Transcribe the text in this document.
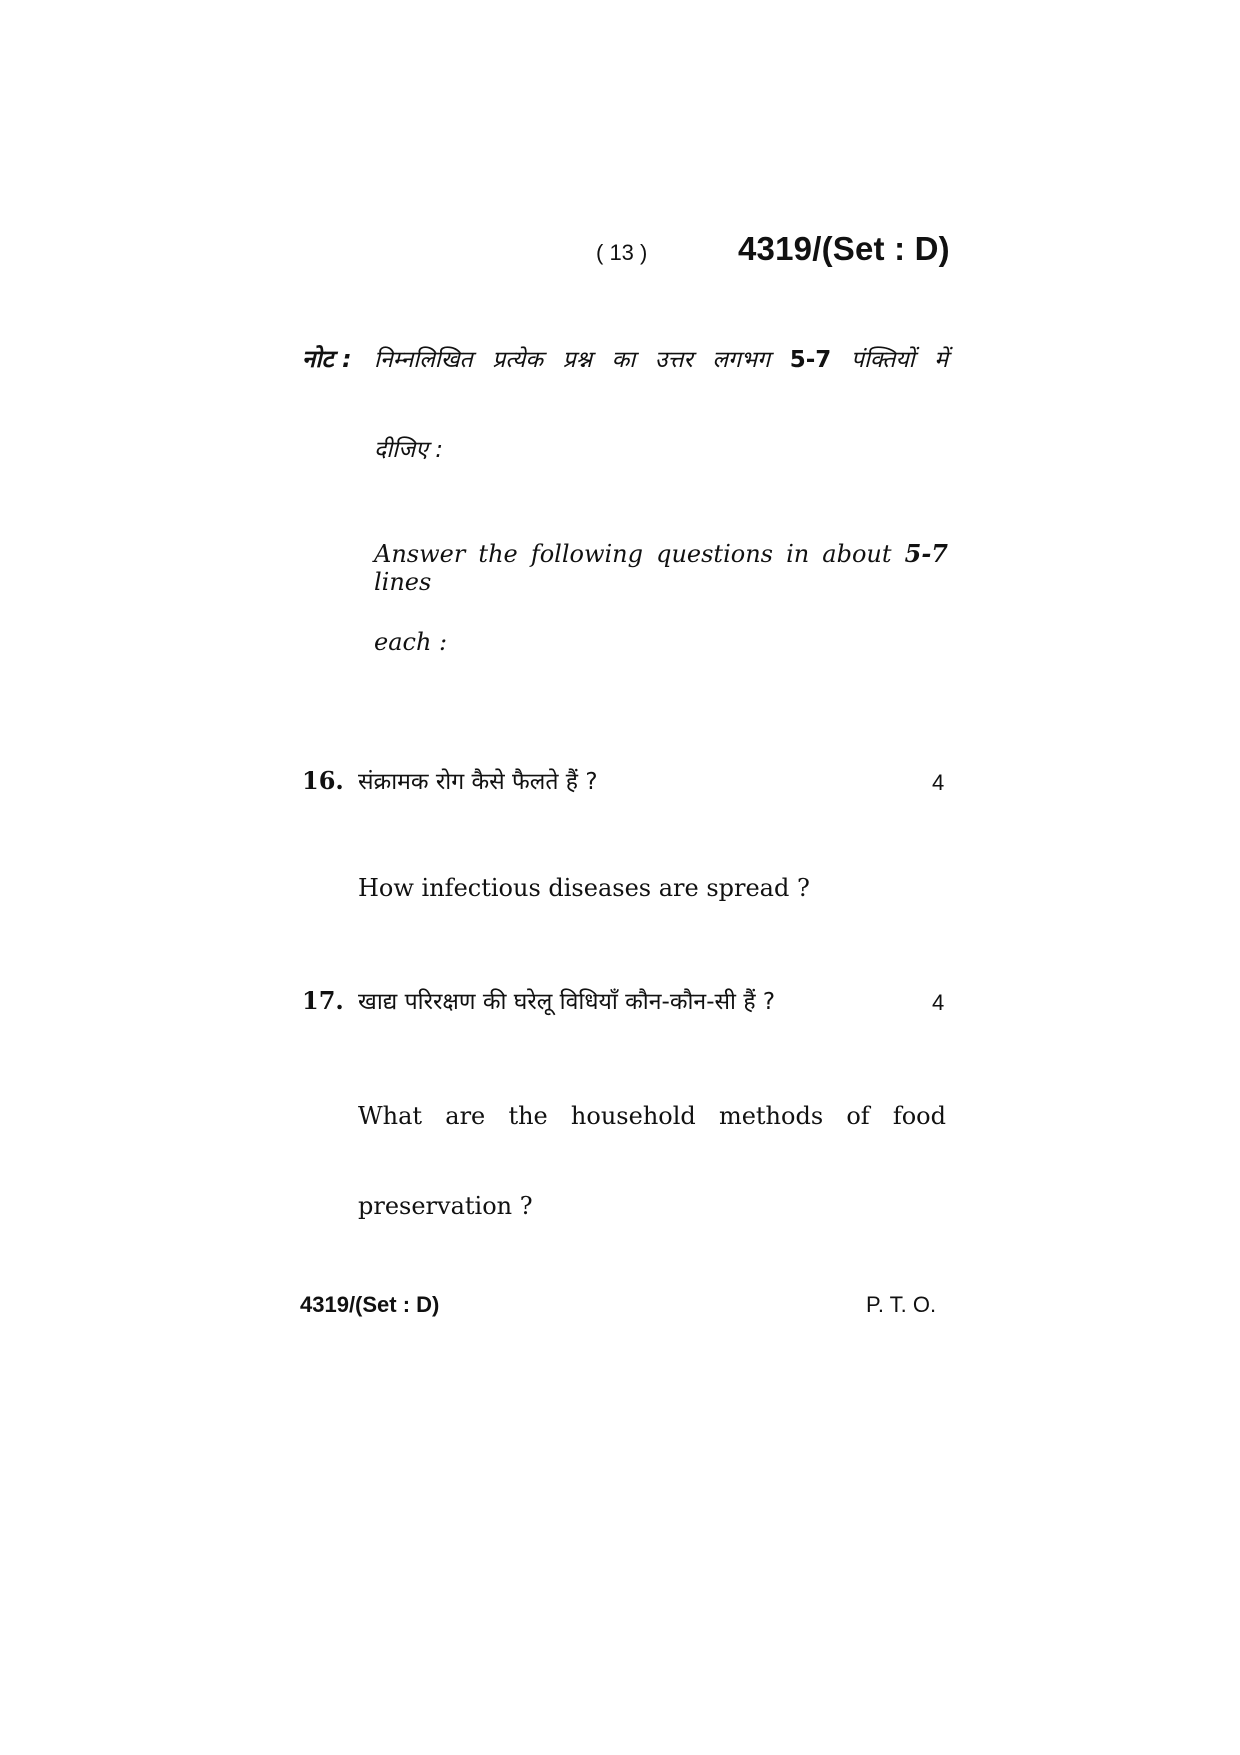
( 13 )	4319/(Set : D)
नोट : निम्नलिखित प्रत्येक प्रश्न का उत्तर लगभग 5-7 पंक्तियों में
दीजिए :
Answer the following questions in about 5-7 lines
each :
16. संक्रामक रोग कैसे फैलते हैं ?	4
How infectious diseases are spread ?
17. खाद्य परिरक्षण की घरेलू विधियाँ कौन-कौन-सी हैं ?	4
What are the household methods of food
preservation ?
4319/(Set : D)	P. T. O.
